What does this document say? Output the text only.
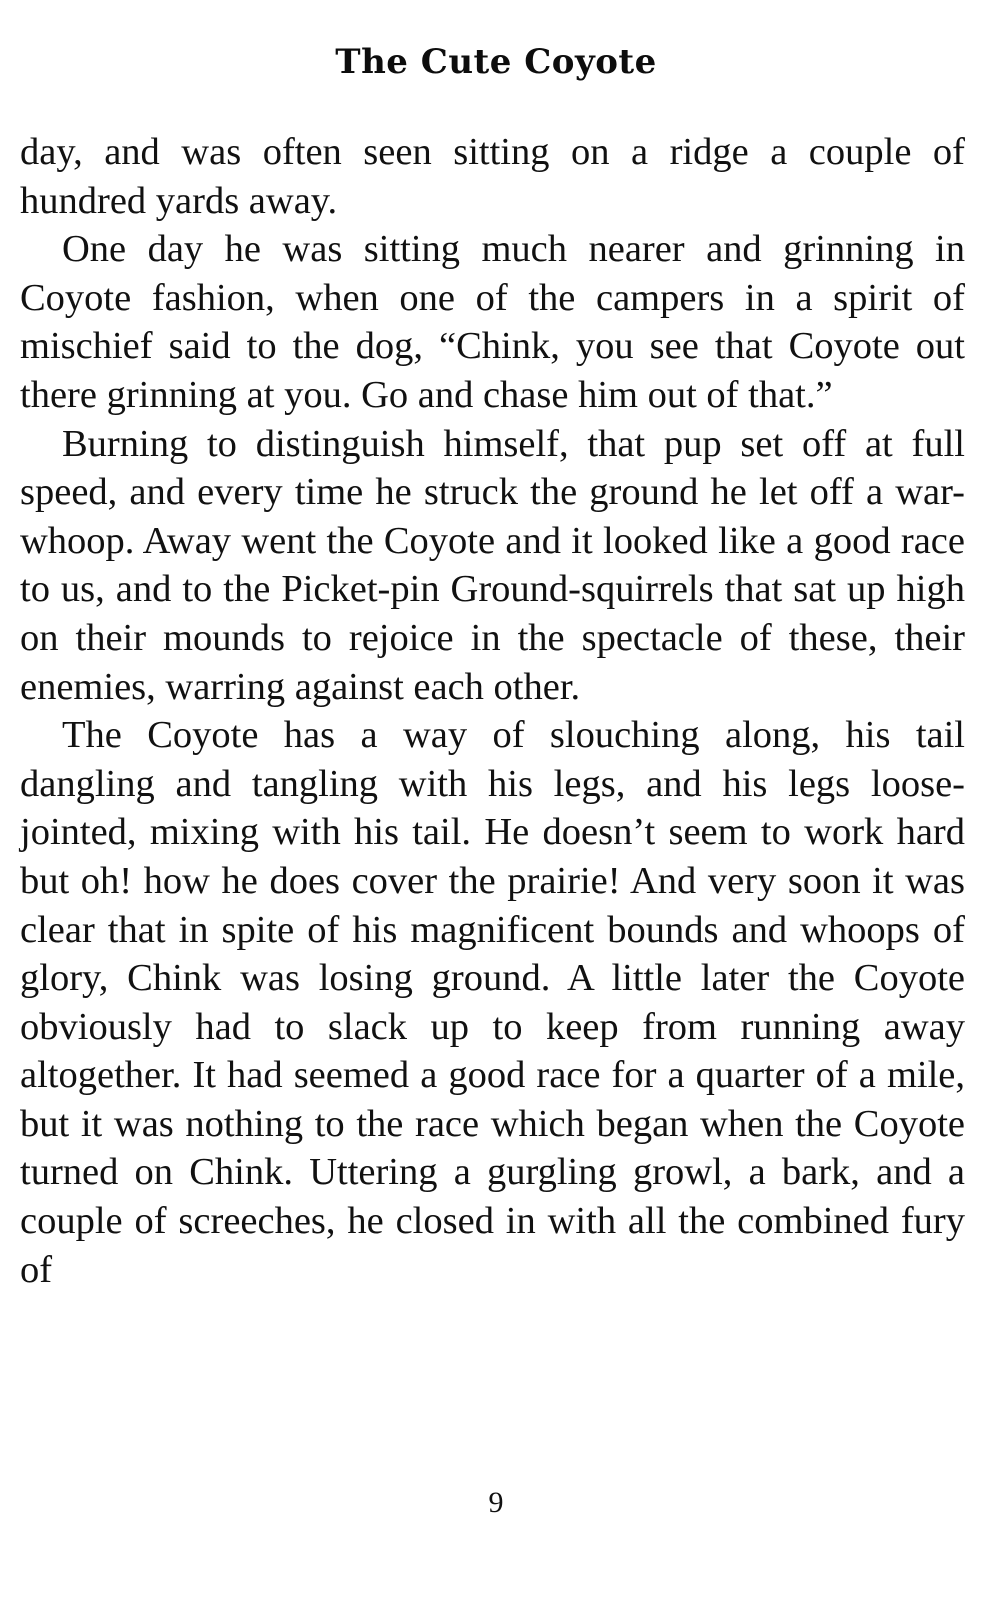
The Cute Coyote

day, and was often seen sitting on a ridge a couple of hundred yards away.

One day he was sitting much nearer and grinning in Coyote fashion, when one of the campers in a spirit of mischief said to the dog, “Chink, you see that Coyote out there grinning at you. Go and chase him out of that.”

Burning to distinguish himself, that pup set off at full speed, and every time he struck the ground he let off a war-whoop. Away went the Coyote and it looked like a good race to us, and to the Picket-pin Ground-squirrels that sat up high on their mounds to rejoice in the spectacle of these, their enemies, warring against each other.

The Coyote has a way of slouching along, his tail dangling and tangling with his legs, and his legs loose-jointed, mixing with his tail. He doesn’t seem to work hard but oh! how he does cover the prairie! And very soon it was clear that in spite of his magnificent bounds and whoops of glory, Chink was losing ground. A little later the Coyote obviously had to slack up to keep from running away altogether. It had seemed a good race for a quarter of a mile, but it was nothing to the race which began when the Coyote turned on Chink. Uttering a gurgling growl, a bark, and a couple of screeches, he closed in with all the combined fury of

9
